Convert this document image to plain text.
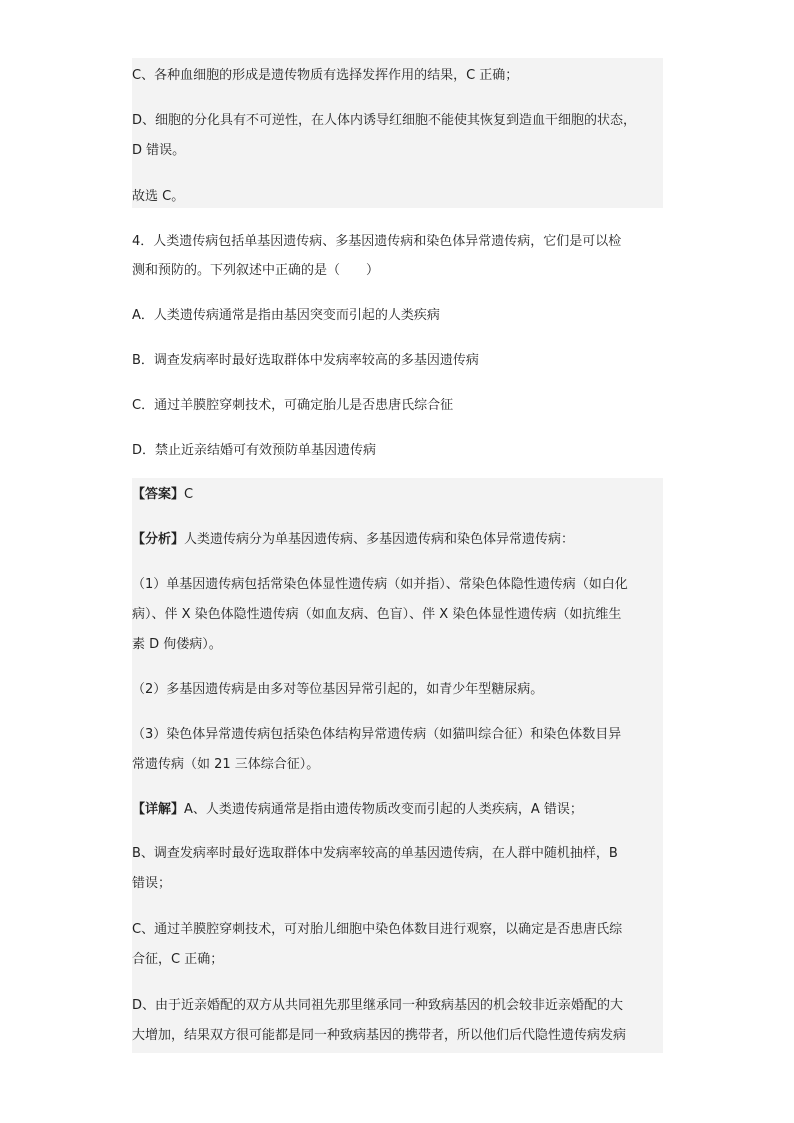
C、各种血细胞的形成是遗传物质有选择发挥作用的结果，C 正确；
D、细胞的分化具有不可逆性，在人体内诱导红细胞不能使其恢复到造血干细胞的状态，
D 错误。
故选 C。
4．人类遗传病包括单基因遗传病、多基因遗传病和染色体异常遗传病，它们是可以检
测和预防的。下列叙述中正确的是（　　）
A．人类遗传病通常是指由基因突变而引起的人类疾病
B．调查发病率时最好选取群体中发病率较高的多基因遗传病
C．通过羊膜腔穿刺技术，可确定胎儿是否患唐氏综合征
D．禁止近亲结婚可有效预防单基因遗传病
【答案】C
【分析】人类遗传病分为单基因遗传病、多基因遗传病和染色体异常遗传病：
（1）单基因遗传病包括常染色体显性遗传病（如并指）、常染色体隐性遗传病（如白化
病）、伴 X 染色体隐性遗传病（如血友病、色盲）、伴 X 染色体显性遗传病（如抗维生
素 D 佝偻病）。
（2）多基因遗传病是由多对等位基因异常引起的，如青少年型糖尿病。
（3）染色体异常遗传病包括染色体结构异常遗传病（如猫叫综合征）和染色体数目异
常遗传病（如 21 三体综合征）。
【详解】A、人类遗传病通常是指由遗传物质改变而引起的人类疾病，A 错误；
B、调查发病率时最好选取群体中发病率较高的单基因遗传病，在人群中随机抽样，B
错误；
C、通过羊膜腔穿刺技术，可对胎儿细胞中染色体数目进行观察，以确定是否患唐氏综
合征，C 正确；
D、由于近亲婚配的双方从共同祖先那里继承同一种致病基因的机会较非近亲婚配的大
大增加，结果双方很可能都是同一种致病基因的携带者，所以他们后代隐性遗传病发病
